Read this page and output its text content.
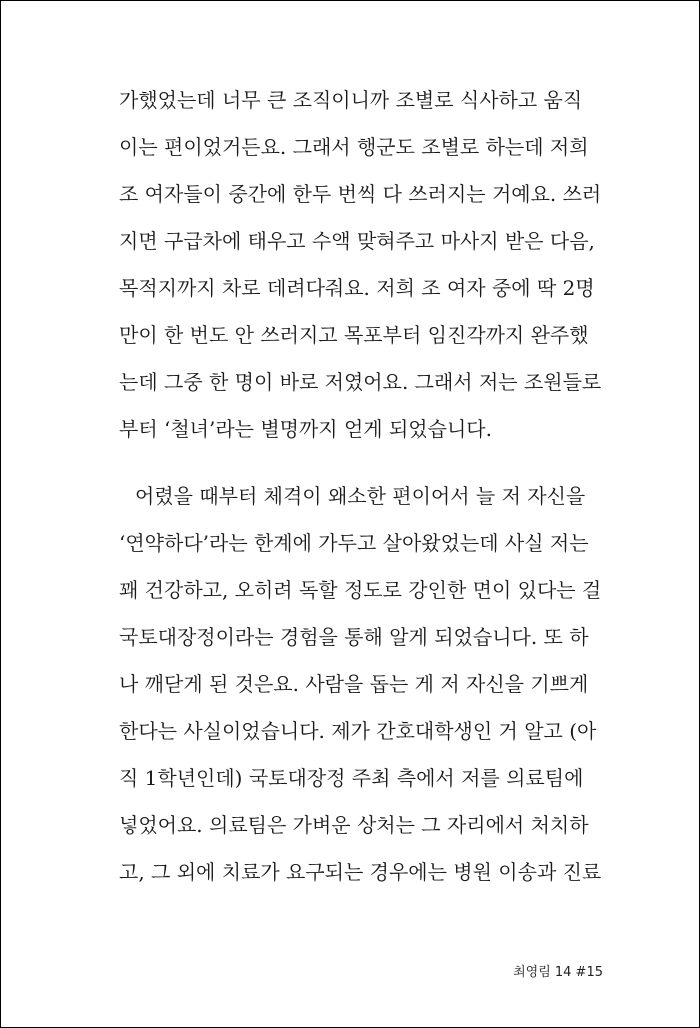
가했었는데 너무 큰 조직이니까 조별로 식사하고 움직
이는 편이었거든요. 그래서 행군도 조별로 하는데 저희
조 여자들이 중간에 한두 번씩 다 쓰러지는 거예요. 쓰러
지면 구급차에 태우고 수액 맞혀주고 마사지 받은 다음,
목적지까지 차로 데려다줘요. 저희 조 여자 중에 딱 2명
만이 한 번도 안 쓰러지고 목포부터 임진각까지 완주했
는데 그중 한 명이 바로 저였어요. 그래서 저는 조원들로
부터 ‘철녀’라는 별명까지 얻게 되었습니다.
어렸을 때부터 체격이 왜소한 편이어서 늘 저 자신을
‘연약하다’라는 한계에 가두고 살아왔었는데 사실 저는
꽤 건강하고, 오히려 독할 정도로 강인한 면이 있다는 걸
국토대장정이라는 경험을 통해 알게 되었습니다. 또 하
나 깨닫게 된 것은요. 사람을 돕는 게 저 자신을 기쁘게
한다는 사실이었습니다. 제가 간호대학생인 거 알고 (아
직 1학년인데) 국토대장정 주최 측에서 저를 의료팀에
넣었어요. 의료팀은 가벼운 상처는 그 자리에서 처치하
고, 그 외에 치료가 요구되는 경우에는 병원 이송과 진료
최영림 14 #15
